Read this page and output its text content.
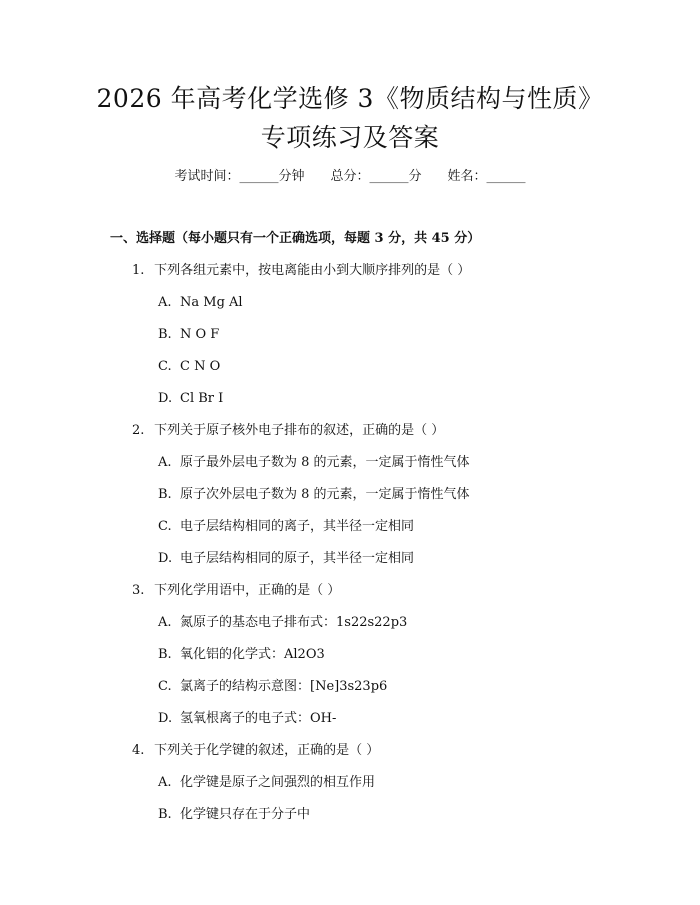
2026 年高考化学选修 3《物质结构与性质》
专项练习及答案
考试时间：______分钟 总分：______分 姓名：______
一、选择题（每小题只有一个正确选项，每题 3 分，共 45 分）
1. 下列各组元素中，按电离能由小到大顺序排列的是（ ）
A. Na Mg Al
B. N O F
C. C N O
D. Cl Br I
2. 下列关于原子核外电子排布的叙述，正确的是（ ）
A. 原子最外层电子数为 8 的元素，一定属于惰性气体
B. 原子次外层电子数为 8 的元素，一定属于惰性气体
C. 电子层结构相同的离子，其半径一定相同
D. 电子层结构相同的原子，其半径一定相同
3. 下列化学用语中，正确的是（ ）
A. 氮原子的基态电子排布式：1s22s22p3
B. 氧化铝的化学式：Al2O3
C. 氯离子的结构示意图：[Ne]3s23p6
D. 氢氧根离子的电子式：OH-
4. 下列关于化学键的叙述，正确的是（ ）
A. 化学键是原子之间强烈的相互作用
B. 化学键只存在于分子中
